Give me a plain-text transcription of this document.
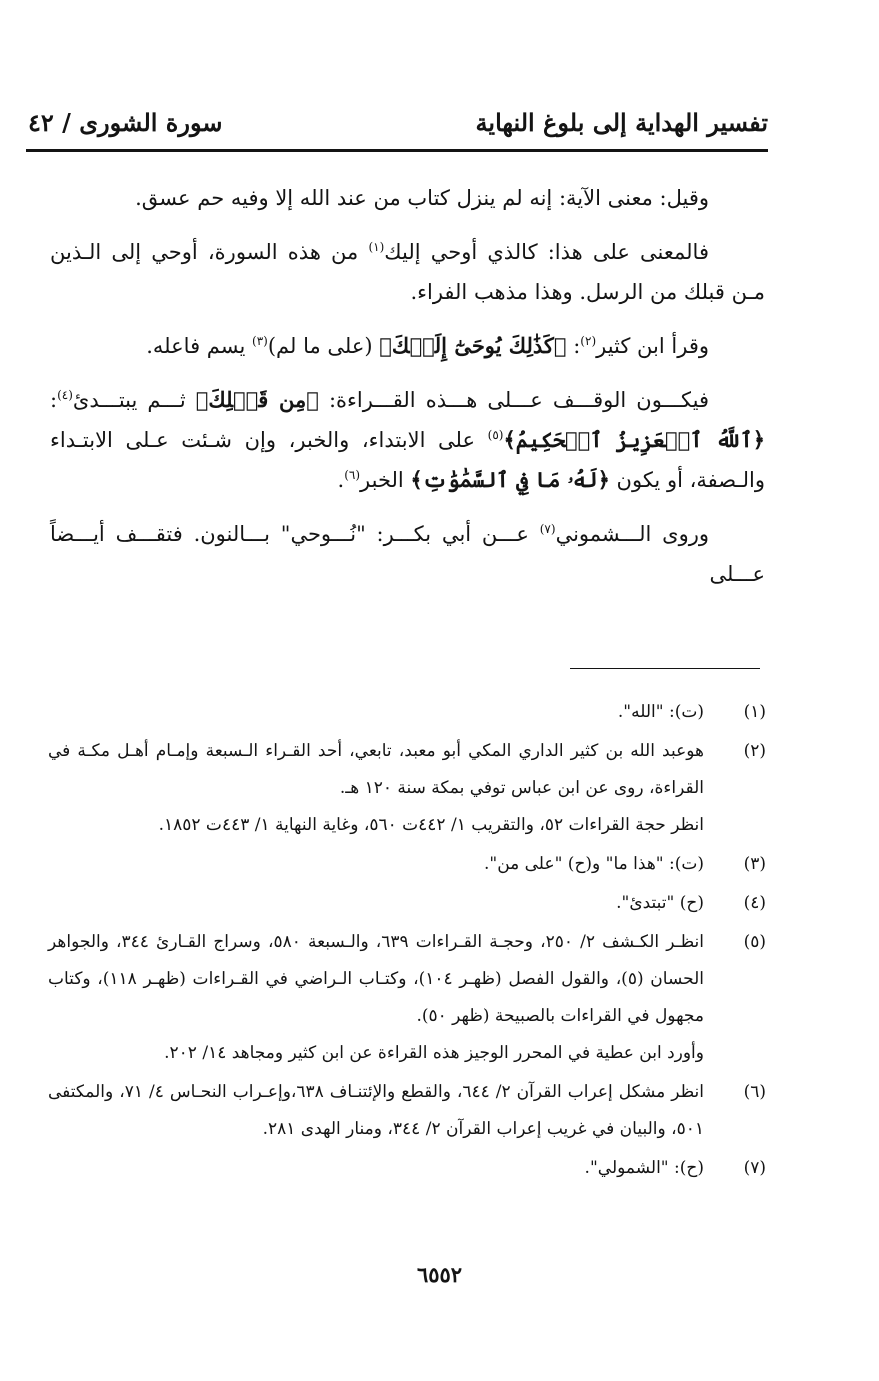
تفسير الهداية إلى بلوغ النهاية
سورة الشورى / ٤٢

وقيل: معنى الآية: إنه لم ينزل كتاب من عند الله إلا وفيه حم عسق.

فالمعنى على هذا: كالذي أوحي إليك$^{(١)}$ من هذه السورة، أوحي إلى الـذين مـن قبلك من الرسل. وهذا مذهب الفراء.

وقرأ ابن كثير$^{(٢)}$: ﴿كَذَٰلِكَ يُوحَىٰٓ إِلَيۡكَ﴾ (على ما لم)$^{(٣)}$ يسم فاعله.

فيكـــون الوقـــف عـــلى هـــذه القـــراءة: ﴿مِن قَبۡلِكَ﴾ ثـــم يبتـــدئ$^{(٤)}$: ﴿ٱللَّهُ ٱلۡعَزِيزُ ٱلۡحَكِيمُ﴾$^{(٥)}$ على الابتداء، والخبر، وإن شـئت عـلى الابتـداء والـصفة، أو يكون ﴿لَهُۥ مَا فِي ٱلسَّمَٰوَٰتِ﴾ الخبر$^{(٦)}$.

وروى الـــشموني$^{(٧)}$ عـــن أبي بكـــر: "نُـــوحي" بـــالنون. فتقـــف أيـــضاً عـــلى

(١)
(ت): "الله".
(٢)
هوعبد الله بن كثير الداري المكي أبو معبد، تابعي، أحد القـراء الـسبعة وإمـام أهـل مكـة في القراءة، روى عن ابن عباس توفي بمكة سنة ١٢٠ هـ.
انظر حجة القراءات ٥٢، والتقريب ١/ ٤٤٢ت ٥٦٠، وغاية النهاية ١/ ٤٤٣ت ١٨٥٢.
(٣)
(ت): "هذا ما" و(ح) "على من".
(٤)
(ح) "تبتدئ".
(٥)
انظـر الكـشف ٢/ ٢٥٠، وحجـة القـراءات ٦٣٩، والـسبعة ٥٨٠، وسراج القـارئ ٣٤٤، والجواهر الحسان (٥)، والقول الفصل (ظهـر ١٠٤)، وكتـاب الـراضي في القـراءات (ظهـر ١١٨)، وكتاب مجهول في القراءات بالصبيحة (ظهر ٥٠).
وأورد ابن عطية في المحرر الوجيز هذه القراءة عن ابن كثير ومجاهد ١٤/ ٢٠٢.
(٦)
انظر مشكل إعراب القرآن ٢/ ٦٤٤، والقطع والإئتنـاف ٦٣٨،وإعـراب النحـاس ٤/ ٧١، والمكتفى ٥٠١، والبيان في غريب إعراب القرآن ٢/ ٣٤٤، ومنار الهدى ٢٨١.
(٧)
(ح): "الشمولي".
٦٥٥٢
